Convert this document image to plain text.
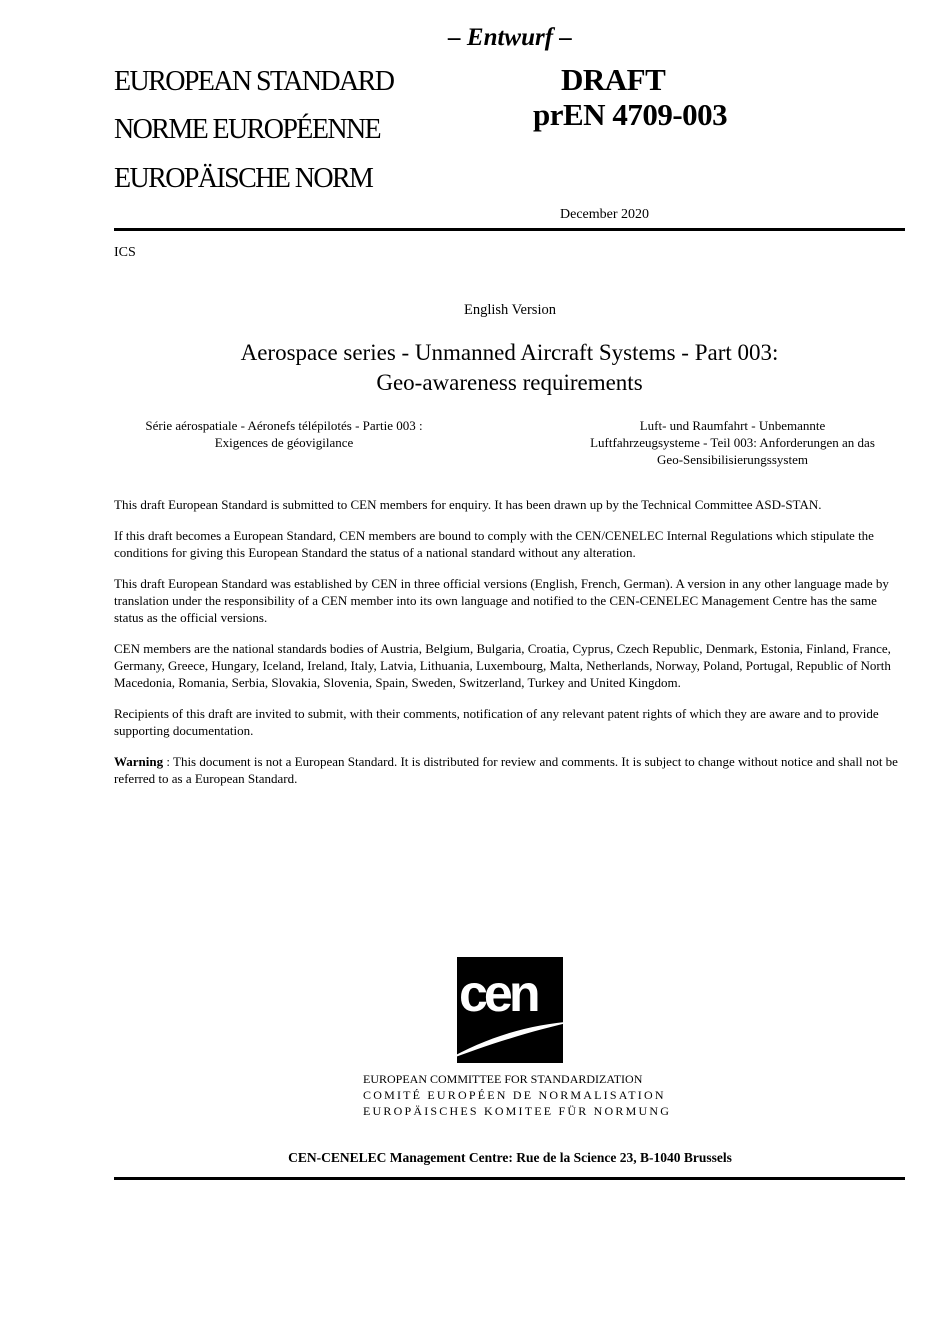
– Entwurf –
EUROPEAN STANDARD
NORME EUROPÉENNE
EUROPÄISCHE NORM
DRAFT
prEN 4709-003
December 2020
ICS
English Version
Aerospace series - Unmanned Aircraft Systems - Part 003:
Geo-awareness requirements
Série aérospatiale - Aéronefs télépilotés - Partie 003 :
Exigences de géovigilance
Luft- und Raumfahrt - Unbemannte
Luftfahrzeugsysteme - Teil 003: Anforderungen an das
Geo-Sensibilisierungssystem

This draft European Standard is submitted to CEN members for enquiry. It has been drawn up by the Technical Committee ASD-STAN.

If this draft becomes a European Standard, CEN members are bound to comply with the CEN/CENELEC Internal Regulations which stipulate the conditions for giving this European Standard the status of a national standard without any alteration.

This draft European Standard was established by CEN in three official versions (English, French, German). A version in any other language made by translation under the responsibility of a CEN member into its own language and notified to the CEN-CENELEC Management Centre has the same status as the official versions.

CEN members are the national standards bodies of Austria, Belgium, Bulgaria, Croatia, Cyprus, Czech Republic, Denmark, Estonia, Finland, France, Germany, Greece, Hungary, Iceland, Ireland, Italy, Latvia, Lithuania, Luxembourg, Malta, Netherlands, Norway, Poland, Portugal, Republic of North Macedonia, Romania, Serbia, Slovakia, Slovenia, Spain, Sweden, Switzerland, Turkey and United Kingdom.

Recipients of this draft are invited to submit, with their comments, notification of any relevant patent rights of which they are aware and to provide supporting documentation.

Warning : This document is not a European Standard. It is distributed for review and comments. It is subject to change without notice and shall not be referred to as a European Standard.

cen
EUROPEAN COMMITTEE FOR STANDARDIZATION
COMITÉ EUROPÉEN DE NORMALISATION
EUROPÄISCHES KOMITEE FÜR NORMUNG
CEN-CENELEC Management Centre: Rue de la Science 23, B-1040 Brussels
